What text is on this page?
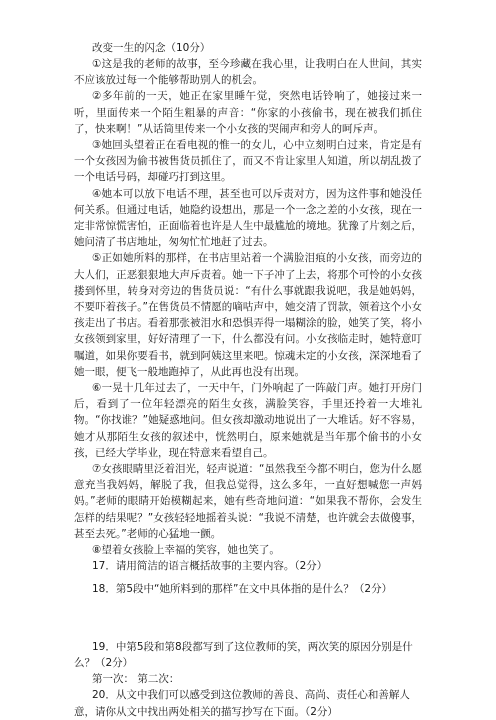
改变一生的闪念（10分）

①这是我的老师的故事，至今珍藏在我心里，让我明白在人世间，其实不应该放过每一个能够帮助别人的机会。

②多年前的一天，她正在家里睡午觉，突然电话铃响了，她接过来一听，里面传来一个陌生粗暴的声音：“你家的小孩偷书，现在被我们抓住了，快来啊！”从话筒里传来一个小女孩的哭闹声和旁人的呵斥声。

③她回头望着正在看电视的惟一的女儿，心中立刻明白过来，肯定是有一个女孩因为偷书被售货员抓住了，而又不肯让家里人知道，所以胡乱拨了一个电话号码，却碰巧打到这里。

④她本可以放下电话不理，甚至也可以斥责对方，因为这件事和她没任何关系。但通过电话，她隐约设想出，那是一个一念之差的小女孩，现在一定非常惊慌害怕，正面临着也许是人生中最尴尬的境地。犹豫了片刻之后，她问清了书店地址，匆匆忙忙地赶了过去。

⑤正如她所料的那样，在书店里站着一个满脸泪痕的小女孩，而旁边的大人们，正恶狠狠地大声斥责着。她一下子冲了上去，将那个可怜的小女孩搂到怀里，转身对旁边的售货员说：“有什么事就跟我说吧，我是她妈妈，不要吓着孩子。”在售货员不情愿的嘀咕声中，她交清了罚款，领着这个小女孩走出了书店。看着那张被泪水和恐惧弄得一塌糊涂的脸，她笑了笑，将小女孩领到家里，好好清理了一下，什么都没有问。小女孩临走时，她特意叮嘱道，如果你要看书，就到阿姨这里来吧。惊魂未定的小女孩，深深地看了她一眼，便飞一般地跑掉了，从此再也没有出现。

⑥一晃十几年过去了，一天中午，门外响起了一阵敲门声。她打开房门后，看到了一位年轻漂亮的陌生女孩，满脸笑容，手里还拎着一大堆礼物。“你找谁？”她疑惑地问。但女孩却激动地说出了一大堆话。好不容易，她才从那陌生女孩的叙述中，恍然明白，原来她就是当年那个偷书的小女孩，已经大学毕业，现在特意来看望自己。

⑦女孩眼睛里泛着泪光，轻声说道：“虽然我至今都不明白，您为什么愿意充当我妈妈，解脱了我，但我总觉得，这么多年，一直好想喊您一声妈妈。”老师的眼睛开始模糊起来，她有些奇地问道：“如果我不帮你，会发生怎样的结果呢？”女孩轻轻地摇着头说：“我说不清楚，也许就会去做傻事，甚至去死。”老师的心猛地一颤。

⑧望着女孩脸上幸福的笑容，她也笑了。

17．请用简洁的语言概括故事的主要内容。（2分）

18．第5段中“她所料到的那样”在文中具体指的是什么？（2分）

19．中第5段和第8段都写到了这位教师的笑，两次笑的原因分别是什么？（2分）

第一次： 第二次：

20．从文中我们可以感受到这位教师的善良、高尚、责任心和善解人意，请你从文中找出两处相关的描写抄写在下面。（2分）
